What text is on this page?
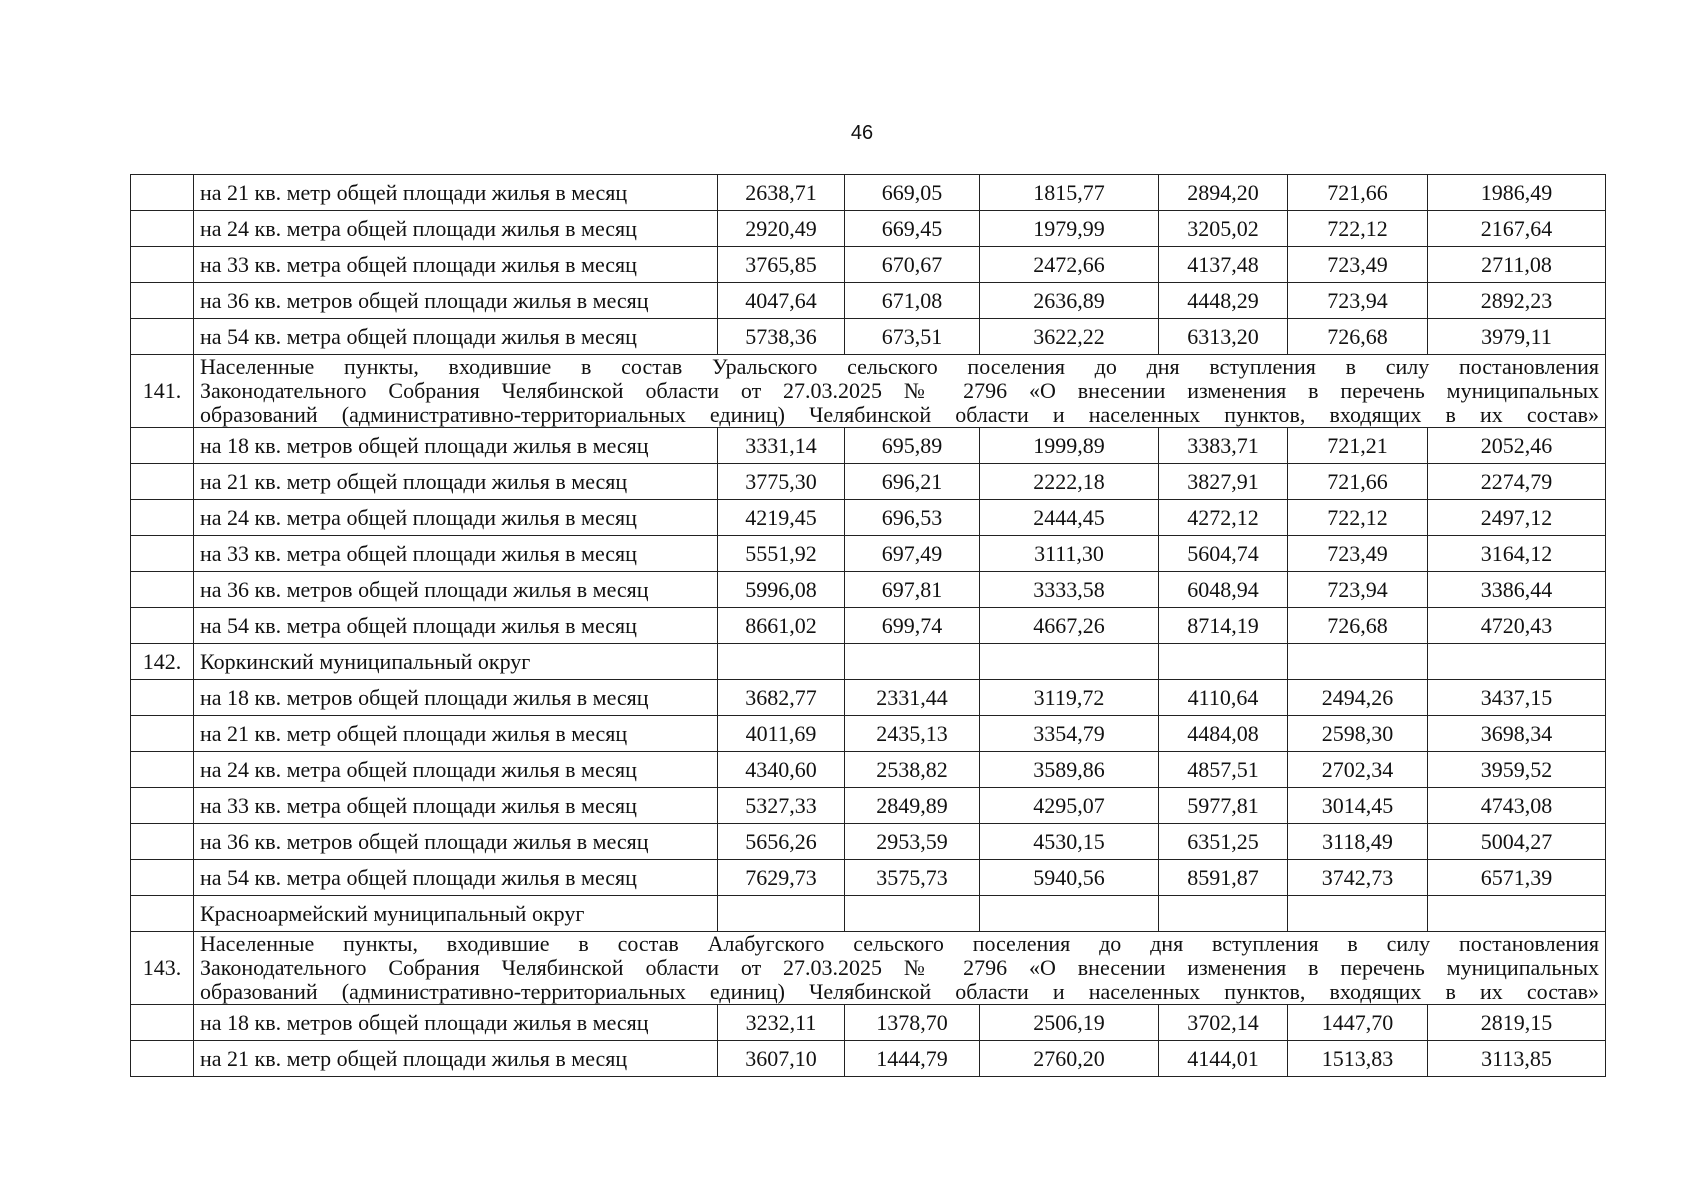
46
	на 21 кв. метр общей площади жилья в месяц	2638,71	669,05	1815,77	2894,20	721,66	1986,49
	на 24 кв. метра общей площади жилья в месяц	2920,49	669,45	1979,99	3205,02	722,12	2167,64
	на 33 кв. метра общей площади жилья в месяц	3765,85	670,67	2472,66	4137,48	723,49	2711,08
	на 36 кв. метров общей площади жилья в месяц	4047,64	671,08	2636,89	4448,29	723,94	2892,23
	на 54 кв. метра общей площади жилья в месяц	5738,36	673,51	3622,22	6313,20	726,68	3979,11
141.	Населенные пункты, входившие в состав Уральского сельского поселения до дня вступления в силу постановления
Законодательного Собрания Челябинской области от 27.03.2025 № 2796 «О внесении изменения в перечень муниципальных
образований (административно-территориальных единиц) Челябинской области и населенных пунктов, входящих в их состав»						

	на 18 кв. метров общей площади жилья в месяц	3331,14	695,89	1999,89	3383,71	721,21	2052,46
	на 21 кв. метр общей площади жилья в месяц	3775,30	696,21	2222,18	3827,91	721,66	2274,79
	на 24 кв. метра общей площади жилья в месяц	4219,45	696,53	2444,45	4272,12	722,12	2497,12
	на 33 кв. метра общей площади жилья в месяц	5551,92	697,49	3111,30	5604,74	723,49	3164,12
	на 36 кв. метров общей площади жилья в месяц	5996,08	697,81	3333,58	6048,94	723,94	3386,44
	на 54 кв. метра общей площади жилья в месяц	8661,02	699,74	4667,26	8714,19	726,68	4720,43
142.	Коркинский муниципальный округ						
	на 18 кв. метров общей площади жилья в месяц	3682,77	2331,44	3119,72	4110,64	2494,26	3437,15
	на 21 кв. метр общей площади жилья в месяц	4011,69	2435,13	3354,79	4484,08	2598,30	3698,34
	на 24 кв. метра общей площади жилья в месяц	4340,60	2538,82	3589,86	4857,51	2702,34	3959,52
	на 33 кв. метра общей площади жилья в месяц	5327,33	2849,89	4295,07	5977,81	3014,45	4743,08
	на 36 кв. метров общей площади жилья в месяц	5656,26	2953,59	4530,15	6351,25	3118,49	5004,27
	на 54 кв. метра общей площади жилья в месяц	7629,73	3575,73	5940,56	8591,87	3742,73	6571,39
	Красноармейский муниципальный округ						
143.	Населенные пункты, входившие в состав Алабугского сельского поселения до дня вступления в силу постановления
Законодательного Собрания Челябинской области от 27.03.2025 № 2796 «О внесении изменения в перечень муниципальных
образований (административно-территориальных единиц) Челябинской области и населенных пунктов, входящих в их состав»						

	на 18 кв. метров общей площади жилья в месяц	3232,11	1378,70	2506,19	3702,14	1447,70	2819,15
	на 21 кв. метр общей площади жилья в месяц	3607,10	1444,79	2760,20	4144,01	1513,83	3113,85
